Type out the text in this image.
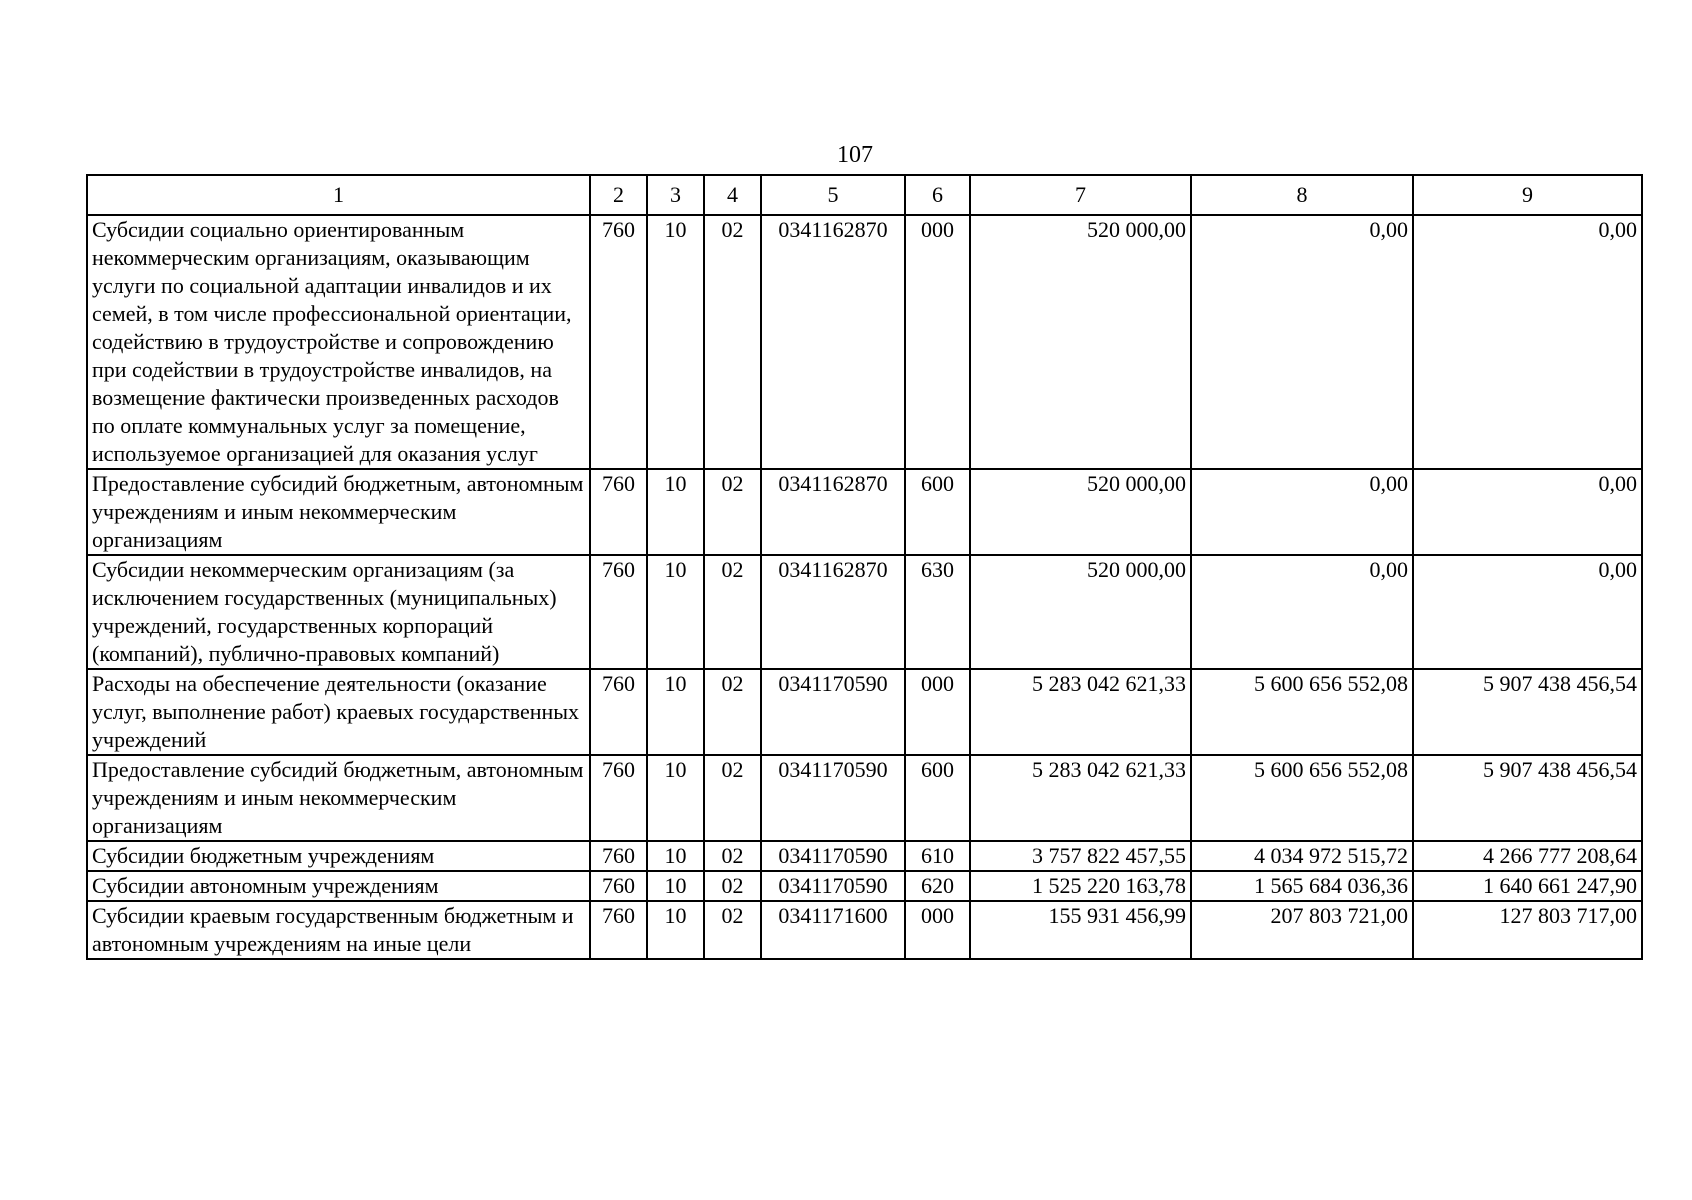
107
1	2	3	4	5	6	7	8	9
Субсидии социально ориентированным некоммерческим организациям, оказывающим услуги по социальной адаптации инвалидов и их семей, в том числе профессиональной ориентации, содействию в трудоустройстве и сопровождению при содействии в трудоустройстве инвалидов, на возмещение фактически произведенных расходов по оплате коммунальных услуг за помещение, используемое организацией для оказания услуг	760	10	02	0341162870	000	520 000,00	0,00	0,00
Предоставление субсидий бюджетным, автономным учреждениям и иным некоммерческим организациям	760	10	02	0341162870	600	520 000,00	0,00	0,00
Субсидии некоммерческим организациям (за исключением государственных (муниципальных) учреждений, государственных корпораций (компаний), публично-правовых компаний)	760	10	02	0341162870	630	520 000,00	0,00	0,00
Расходы на обеспечение деятельности (оказание услуг, выполнение работ) краевых государственных учреждений	760	10	02	0341170590	000	5 283 042 621,33	5 600 656 552,08	5 907 438 456,54
Предоставление субсидий бюджетным, автономным учреждениям и иным некоммерческим организациям	760	10	02	0341170590	600	5 283 042 621,33	5 600 656 552,08	5 907 438 456,54
Субсидии бюджетным учреждениям	760	10	02	0341170590	610	3 757 822 457,55	4 034 972 515,72	4 266 777 208,64
Субсидии автономным учреждениям	760	10	02	0341170590	620	1 525 220 163,78	1 565 684 036,36	1 640 661 247,90
Субсидии краевым государственным бюджетным и автономным учреждениям на иные цели	760	10	02	0341171600	000	155 931 456,99	207 803 721,00	127 803 717,00
